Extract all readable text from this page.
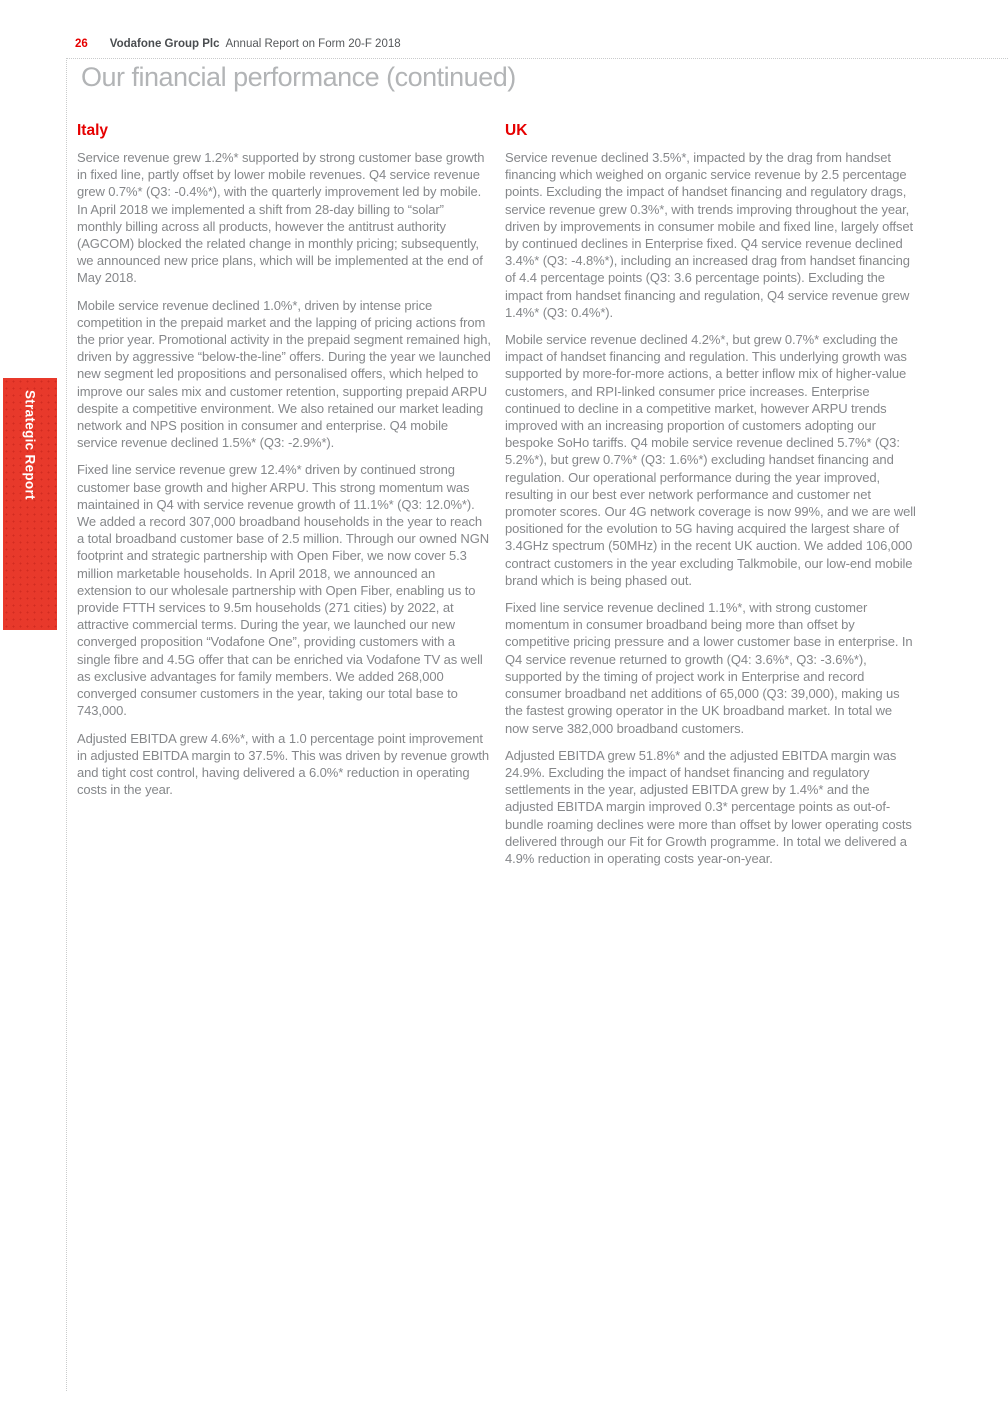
26 Vodafone Group Plc Annual Report on Form 20-F 2018
Our financial performance (continued)
Strategic Report
Italy

Service revenue grew 1.2%* supported by strong customer base growth in fixed line, partly offset by lower mobile revenues. Q4 service revenue grew 0.7%* (Q3: -0.4%*), with the quarterly improvement led by mobile. In April 2018 we implemented a shift from 28-day billing to “solar” monthly billing across all products, however the antitrust authority (AGCOM) blocked the related change in monthly pricing; subsequently, we announced new price plans, which will be implemented at the end of May 2018.

Mobile service revenue declined 1.0%*, driven by intense price competition in the prepaid market and the lapping of pricing actions from the prior year. Promotional activity in the prepaid segment remained high, driven by aggressive “below-the-line” offers. During the year we launched new segment led propositions and personalised offers, which helped to improve our sales mix and customer retention, supporting prepaid ARPU despite a competitive environment. We also retained our market leading network and NPS position in consumer and enterprise. Q4 mobile service revenue declined 1.5%* (Q3: -2.9%*).

Fixed line service revenue grew 12.4%* driven by continued strong customer base growth and higher ARPU. This strong momentum was maintained in Q4 with service revenue growth of 11.1%* (Q3: 12.0%*). We added a record 307,000 broadband households in the year to reach a total broadband customer base of 2.5 million. Through our owned NGN footprint and strategic partnership with Open Fiber, we now cover 5.3 million marketable households. In April 2018, we announced an extension to our wholesale partnership with Open Fiber, enabling us to provide FTTH services to 9.5m households (271 cities) by 2022, at attractive commercial terms. During the year, we launched our new converged proposition “Vodafone One”, providing customers with a single fibre and 4.5G offer that can be enriched via Vodafone TV as well as exclusive advantages for family members. We added 268,000 converged consumer customers in the year, taking our total base to 743,000.

Adjusted EBITDA grew 4.6%*, with a 1.0 percentage point improvement in adjusted EBITDA margin to 37.5%. This was driven by revenue growth and tight cost control, having delivered a 6.0%* reduction in operating costs in the year.

UK

Service revenue declined 3.5%*, impacted by the drag from handset financing which weighed on organic service revenue by 2.5 percentage points. Excluding the impact of handset financing and regulatory drags, service revenue grew 0.3%*, with trends improving throughout the year, driven by improvements in consumer mobile and fixed line, largely offset by continued declines in Enterprise fixed. Q4 service revenue declined 3.4%* (Q3: -4.8%*), including an increased drag from handset financing of 4.4 percentage points (Q3: 3.6 percentage points). Excluding the impact from handset financing and regulation, Q4 service revenue grew 1.4%* (Q3: 0.4%*).

Mobile service revenue declined 4.2%*, but grew 0.7%* excluding the impact of handset financing and regulation. This underlying growth was supported by more-for-more actions, a better inflow mix of higher-value customers, and RPI-linked consumer price increases. Enterprise continued to decline in a competitive market, however ARPU trends improved with an increasing proportion of customers adopting our bespoke SoHo tariffs. Q4 mobile service revenue declined 5.7%* (Q3: 5.2%*), but grew 0.7%* (Q3: 1.6%*) excluding handset financing and regulation. Our operational performance during the year improved, resulting in our best ever network performance and customer net promoter scores. Our 4G network coverage is now 99%, and we are well positioned for the evolution to 5G having acquired the largest share of 3.4GHz spectrum (50MHz) in the recent UK auction. We added 106,000 contract customers in the year excluding Talkmobile, our low-end mobile brand which is being phased out.

Fixed line service revenue declined 1.1%*, with strong customer momentum in consumer broadband being more than offset by competitive pricing pressure and a lower customer base in enterprise. In Q4 service revenue returned to growth (Q4: 3.6%*, Q3: -3.6%*), supported by the timing of project work in Enterprise and record consumer broadband net additions of 65,000 (Q3: 39,000), making us the fastest growing operator in the UK broadband market. In total we now serve 382,000 broadband customers.

Adjusted EBITDA grew 51.8%* and the adjusted EBITDA margin was 24.9%. Excluding the impact of handset financing and regulatory settlements in the year, adjusted EBITDA grew by 1.4%* and the adjusted EBITDA margin improved 0.3* percentage points as out-of-bundle roaming declines were more than offset by lower operating costs delivered through our Fit for Growth programme. In total we delivered a 4.9% reduction in operating costs year-on-year.
